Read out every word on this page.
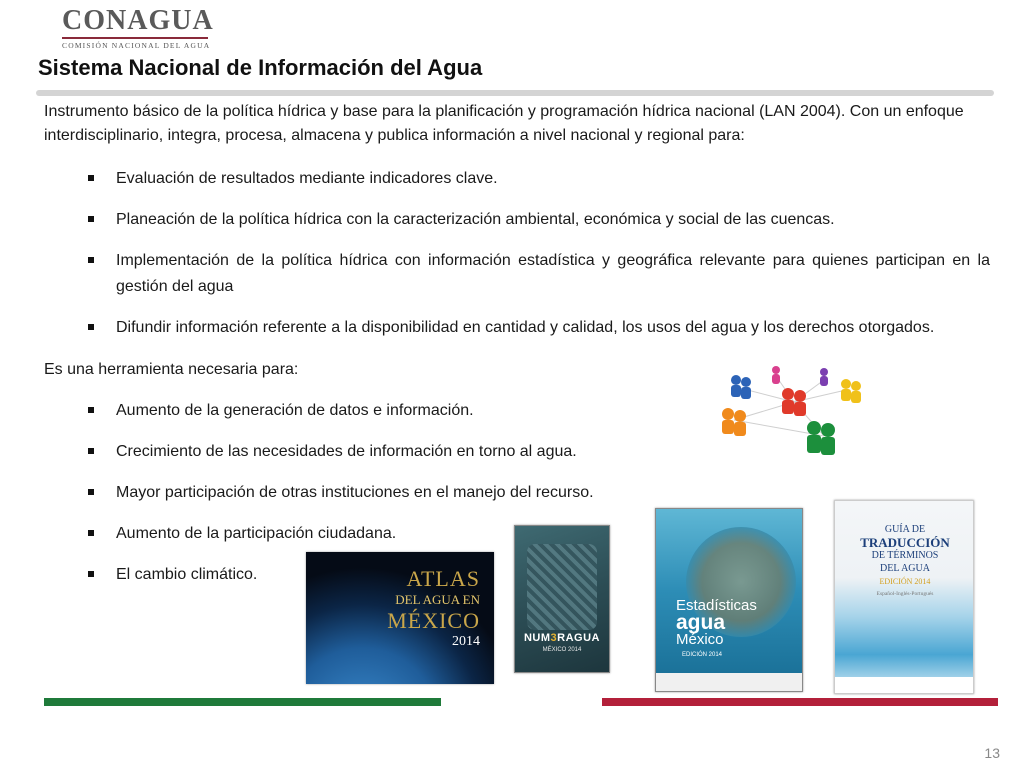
CONAGUA
COMISIÓN NACIONAL DEL AGUA
Sistema Nacional de Información del Agua
Instrumento básico de la política hídrica y base para la planificación y programación hídrica nacional (LAN 2004). Con un enfoque interdisciplinario, integra, procesa, almacena y publica información a nivel nacional y regional para:
Evaluación de resultados mediante indicadores clave.
Planeación de la política hídrica con la caracterización ambiental, económica y social de las cuencas.
Implementación de la política hídrica con información estadística y geográfica relevante para quienes participan en la gestión del agua
Difundir información referente a la disponibilidad en cantidad y calidad, los usos del agua y los derechos otorgados.
Es una herramienta necesaria para:
Aumento de la generación de datos e información.
Crecimiento de las necesidades de información en torno al agua.
Mayor participación de otras instituciones en el manejo del recurso.
Aumento de la participación ciudadana.
El cambio climático.	ATLAS
DEL AGUA EN
MÉXICO
2014	NUM3RAGUA
MÉXICO 2014
Estadísticas
agua
México
EDICIÓN 2014
GUÍA DE
TRADUCCIÓN
DE TÉRMINOS
DEL AGUA
EDICIÓN 2014
Español-Inglés-Portugués
13
